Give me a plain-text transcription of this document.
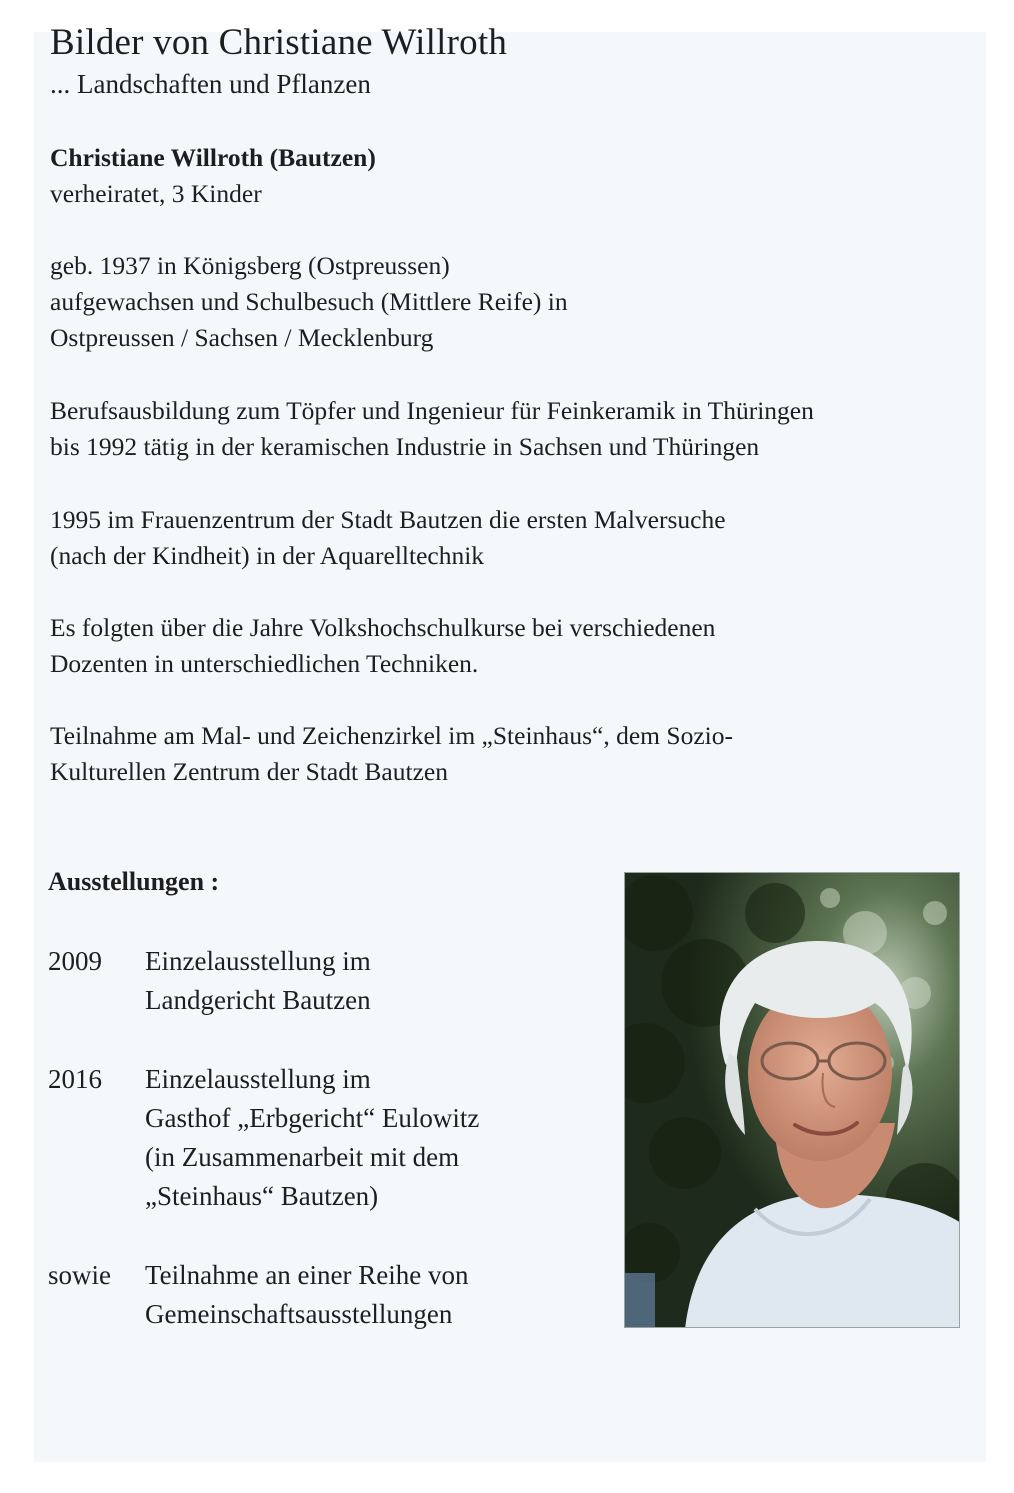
Bilder von Christiane Willroth
... Landschaften und Pflanzen
Christiane Willroth (Bautzen)
verheiratet, 3 Kinder
geb. 1937 in Königsberg (Ostpreussen)
aufgewachsen und Schulbesuch (Mittlere Reife) in
Ostpreussen / Sachsen / Mecklenburg
Berufsausbildung zum Töpfer und Ingenieur für Feinkeramik in Thüringen
bis 1992 tätig in der keramischen Industrie in Sachsen und Thüringen
1995 im Frauenzentrum der Stadt Bautzen die ersten Malversuche
(nach der Kindheit) in der Aquarelltechnik
Es folgten über die Jahre Volkshochschulkurse bei verschiedenen
Dozenten in unterschiedlichen Techniken.
Teilnahme am Mal- und Zeichenzirkel im „Steinhaus“, dem Sozio-
Kulturellen Zentrum der Stadt Bautzen
Ausstellungen :
2009 Einzelausstellung im
Landgericht Bautzen
2016 Einzelausstellung im
Gasthof „Erbgericht“ Eulowitz
(in Zusammenarbeit mit dem
„Steinhaus“ Bautzen)
sowie Teilnahme an einer Reihe von
Gemeinschaftsausstellungen
